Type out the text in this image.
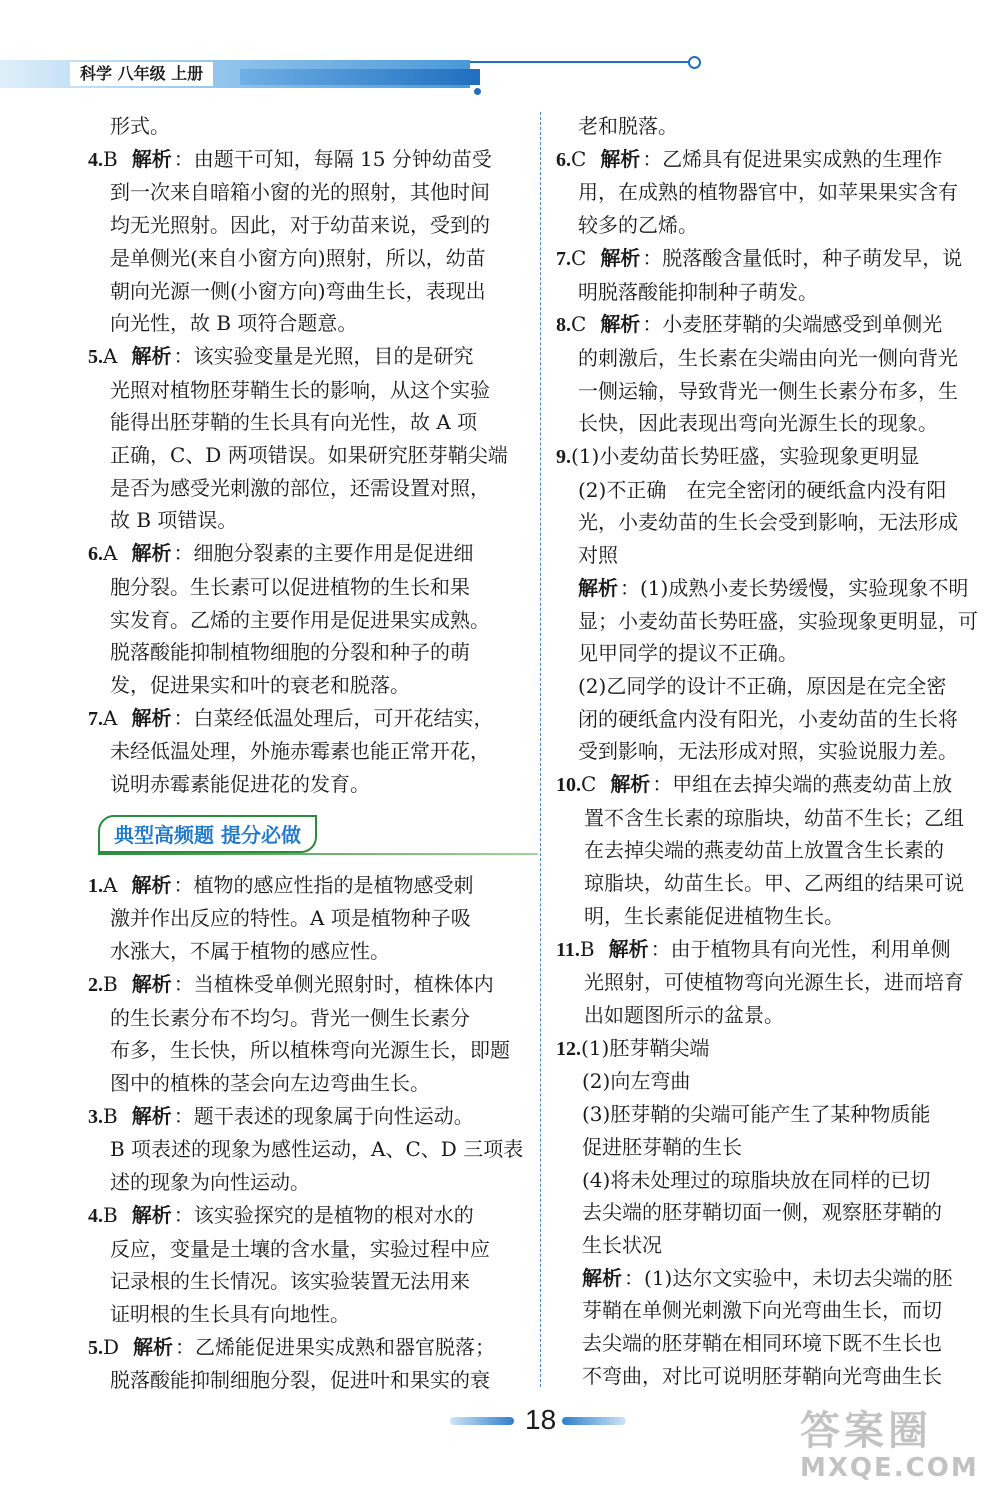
科学 八年级 上册
形式。
4.B 解析 ：由题干可知，每隔 15 分钟幼苗受
到一次来自暗箱小窗的光的照射，其他时间
均无光照射。因此，对于幼苗来说，受到的
是单侧光(来自小窗方向)照射，所以，幼苗
朝向光源一侧(小窗方向)弯曲生长，表现出
向光性，故 B 项符合题意。
5.A 解析 ：该实验变量是光照，目的是研究
光照对植物胚芽鞘生长的影响，从这个实验
能得出胚芽鞘的生长具有向光性，故 A 项
正确，C、D 两项错误。如果研究胚芽鞘尖端
是否为感受光刺激的部位，还需设置对照，
故 B 项错误。
6.A 解析 ：细胞分裂素的主要作用是促进细
胞分裂。生长素可以促进植物的生长和果
实发育。乙烯的主要作用是促进果实成熟。
脱落酸能抑制植物细胞的分裂和种子的萌
发，促进果实和叶的衰老和脱落。
7.A 解析 ：白菜经低温处理后，可开花结实，
未经低温处理，外施赤霉素也能正常开花，
说明赤霉素能促进花的发育。
典型高频题 提分必做
1.A 解析 ：植物的感应性指的是植物感受刺
激并作出反应的特性。A 项是植物种子吸
水涨大，不属于植物的感应性。
2.B 解析 ：当植株受单侧光照射时，植株体内
的生长素分布不均匀。背光一侧生长素分
布多，生长快，所以植株弯向光源生长，即题
图中的植株的茎会向左边弯曲生长。
3.B 解析 ：题干表述的现象属于向性运动。
B 项表述的现象为感性运动，A、C、D 三项表
述的现象为向性运动。
4.B 解析 ：该实验探究的是植物的根对水的
反应，变量是土壤的含水量，实验过程中应
记录根的生长情况。该实验装置无法用来
证明根的生长具有向地性。
5.D 解析 ：乙烯能促进果实成熟和器官脱落；
脱落酸能抑制细胞分裂，促进叶和果实的衰
老和脱落。
6.C 解析 ：乙烯具有促进果实成熟的生理作
用，在成熟的植物器官中，如苹果果实含有
较多的乙烯。
7.C 解析 ：脱落酸含量低时，种子萌发早，说
明脱落酸能抑制种子萌发。
8.C 解析 ：小麦胚芽鞘的尖端感受到单侧光
的刺激后，生长素在尖端由向光一侧向背光
一侧运输，导致背光一侧生长素分布多，生
长快，因此表现出弯向光源生长的现象。
9.(1)小麦幼苗长势旺盛，实验现象更明显
(2)不正确　在完全密闭的硬纸盒内没有阳
光，小麦幼苗的生长会受到影响，无法形成
对照
解析 ：(1)成熟小麦长势缓慢，实验现象不明
显；小麦幼苗长势旺盛，实验现象更明显，可
见甲同学的提议不正确。
(2)乙同学的设计不正确，原因是在完全密
闭的硬纸盒内没有阳光，小麦幼苗的生长将
受到影响，无法形成对照，实验说服力差。
10.C 解析 ：甲组在去掉尖端的燕麦幼苗上放
置不含生长素的琼脂块，幼苗不生长；乙组
在去掉尖端的燕麦幼苗上放置含生长素的
琼脂块，幼苗生长。甲、乙两组的结果可说
明，生长素能促进植物生长。
11.B 解析 ：由于植物具有向光性，利用单侧
光照射，可使植物弯向光源生长，进而培育
出如题图所示的盆景。
12.(1)胚芽鞘尖端
(2)向左弯曲
(3)胚芽鞘的尖端可能产生了某种物质能
促进胚芽鞘的生长
(4)将未处理过的琼脂块放在同样的已切
去尖端的胚芽鞘切面一侧，观察胚芽鞘的
生长状况
解析 ：(1)达尔文实验中，未切去尖端的胚
芽鞘在单侧光刺激下向光弯曲生长，而切
去尖端的胚芽鞘在相同环境下既不生长也
不弯曲，对比可说明胚芽鞘向光弯曲生长
18	答案圈
MXQE.COM
